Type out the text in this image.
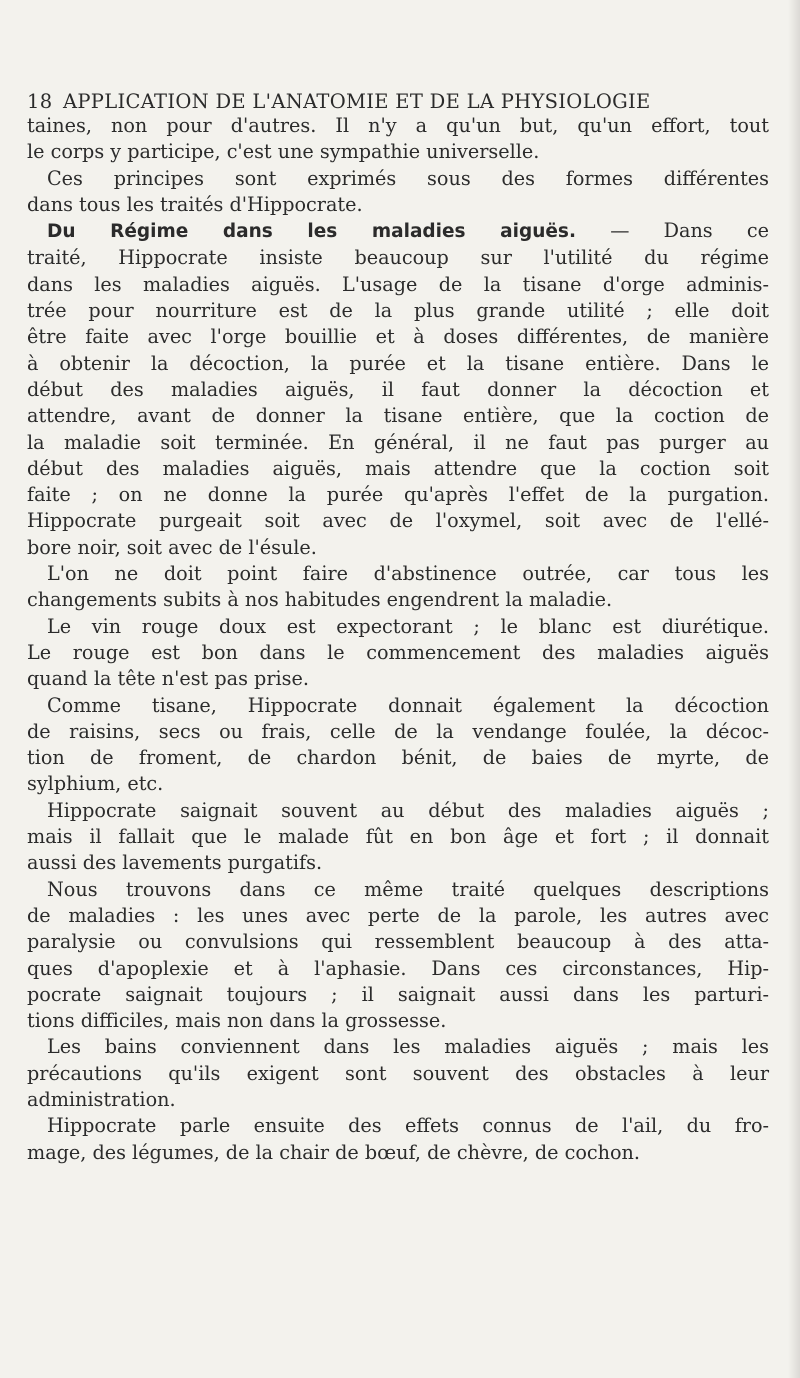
18 APPLICATION DE L'ANATOMIE ET DE LA PHYSIOLOGIE
taines, non pour d'autres. Il n'y a qu'un but, qu'un effort, tout
le corps y participe, c'est une sympathie universelle.
Ces principes sont exprimés sous des formes différentes
dans tous les traités d'Hippocrate.
Du Régime dans les maladies aiguës. — Dans ce
traité, Hippocrate insiste beaucoup sur l'utilité du régime
dans les maladies aiguës. L'usage de la tisane d'orge adminis-
trée pour nourriture est de la plus grande utilité ; elle doit
être faite avec l'orge bouillie et à doses différentes, de manière
à obtenir la décoction, la purée et la tisane entière. Dans le
début des maladies aiguës, il faut donner la décoction et
attendre, avant de donner la tisane entière, que la coction de
la maladie soit terminée. En général, il ne faut pas purger au
début des maladies aiguës, mais attendre que la coction soit
faite ; on ne donne la purée qu'après l'effet de la purgation.
Hippocrate purgeait soit avec de l'oxymel, soit avec de l'ellé-
bore noir, soit avec de l'ésule.
L'on ne doit point faire d'abstinence outrée, car tous les
changements subits à nos habitudes engendrent la maladie.
Le vin rouge doux est expectorant ; le blanc est diurétique.
Le rouge est bon dans le commencement des maladies aiguës
quand la tête n'est pas prise.
Comme tisane, Hippocrate donnait également la décoction
de raisins, secs ou frais, celle de la vendange foulée, la décoc-
tion de froment, de chardon bénit, de baies de myrte, de
sylphium, etc.
Hippocrate saignait souvent au début des maladies aiguës ;
mais il fallait que le malade fût en bon âge et fort ; il donnait
aussi des lavements purgatifs.
Nous trouvons dans ce même traité quelques descriptions
de maladies : les unes avec perte de la parole, les autres avec
paralysie ou convulsions qui ressemblent beaucoup à des atta-
ques d'apoplexie et à l'aphasie. Dans ces circonstances, Hip-
pocrate saignait toujours ; il saignait aussi dans les parturi-
tions difficiles, mais non dans la grossesse.
Les bains conviennent dans les maladies aiguës ; mais les
précautions qu'ils exigent sont souvent des obstacles à leur
administration.
Hippocrate parle ensuite des effets connus de l'ail, du fro-
mage, des légumes, de la chair de bœuf, de chèvre, de cochon.
